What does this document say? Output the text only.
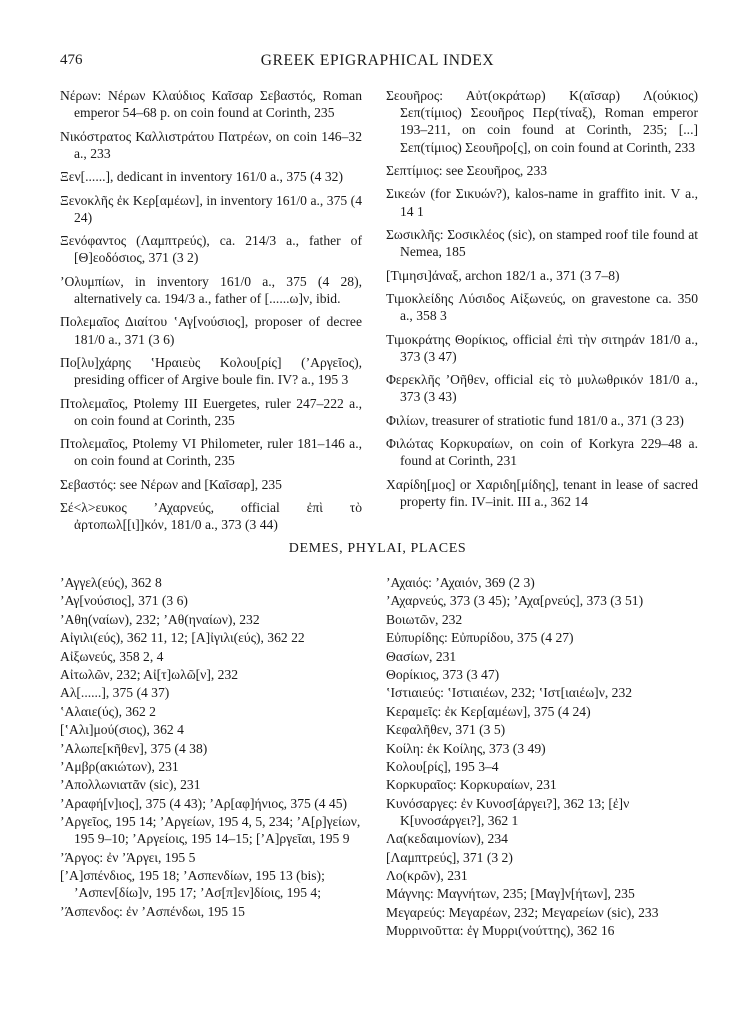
476	GREEK EPIGRAPHICAL INDEX

Νέρων: Νέρων Κλαύδιος Καῖσαρ Σεβαστός, Roman emperor 54–68 p. on coin found at Corinth, 235

Νικόστρατος Καλλιστράτου Πατρέων, on coin 146–32 a., 233

Ξεν[......], dedicant in inventory 161/0 a., 375 (4 32)

Ξενοκλῆς ἐκ Κερ[αμέων], in inventory 161/0 a., 375 (4 24)

Ξενόφαντος (Λαμπτρεύς), ca. 214/3 a., father of [Θ]εοδόσιος, 371 (3 2)

ʼΟλυμπίων, in inventory 161/0 a., 375 (4 28), alternatively ca. 194/3 a., father of [......ω]ν, ibid.

Πολεμαῖος Διαίτου ʽΑγ[νούσιος], proposer of decree 181/0 a., 371 (3 6)

Πο[λυ]χάρης ʽΗραιεὺς Κολου[ρίς] (ʼΑργεῖος), presiding officer of Argive boule fin. IV? a., 195 3

Πτολεμαῖος, Ptolemy III Euergetes, ruler 247–222 a., on coin found at Corinth, 235

Πτολεμαῖος, Ptolemy VI Philometer, ruler 181–146 a., on coin found at Corinth, 235

Σεβαστός: see Νέρων and [Καῖσαρ], 235

Σέ<λ>ευκος ʼΑχαρνεύς, official ἐπὶ τὸ ἀρτοπωλ[[ι]]κόν, 181/0 a., 373 (3 44)

Σεουῆρος: Αὐτ(οκράτωρ) Κ(αῖσαρ) Λ(ούκιος) Σεπ(τίμιος) Σεουῆρος Περ(τίναξ), Roman emperor 193–211, on coin found at Corinth, 235; [...] Σεπ(τίμιος) Σεουῆρο[ς], on coin found at Corinth, 233

Σεπτίμιος: see Σεουῆρος, 233

Σικεών (for Σικυών?), kalos-name in graffito init. V a., 14 1

Σωσικλῆς: Σοσικλέος (sic), on stamped roof tile found at Nemea, 185

[Τιμησι]άναξ, archon 182/1 a., 371 (3 7–8)

Τιμοκλείδης Λύσιδος Αἰξωνεύς, on gravestone ca. 350 a., 358 3

Τιμοκράτης Θορίκιος, official ἐπὶ τὴν σιτηράν 181/0 a., 373 (3 47)

Φερεκλῆς ʼΟῆθεν, official εἰς τὸ μυλωθρικόν 181/0 a., 373 (3 43)

Φιλίων, treasurer of stratiotic fund 181/0 a., 371 (3 23)

Φιλώτας Κορκυραίων, on coin of Korkyra 229–48 a. found at Corinth, 231

Χαρίδη[μος] or Χαριδη[μίδης], tenant in lease of sacred property fin. IV–init. III a., 362 14

DEMES, PHYLAI, PLACES

ʼΑγγελ(εύς), 362 8

ʼΑγ[νούσιος], 371 (3 6)

ʼΑθη(ναίων), 232; ʼΑθ(ηναίων), 232

Αἰγιλι(εύς), 362 11, 12; [Α]ἰγιλι(εύς), 362 22

Αἰξωνεύς, 358 2, 4

Αἰτωλῶν, 232; Αἰ[τ]ωλῶ[ν], 232

Αλ[......], 375 (4 37)

ʽΑλαιε(ύς), 362 2

[ʽΑλι]μού(σιος), 362 4

ʼΑλωπε[κῆθεν], 375 (4 38)

ʼΑμβρ(ακιώτων), 231

ʼΑπολλωνιατᾶν (sic), 231

ʼΑραφή[ν]ιος], 375 (4 43); ʼΑρ[αφ]ήνιος, 375 (4 45)

ʼΑργεῖος, 195 14; ʼΑργείων, 195 4, 5, 234; ʼΑ[ρ]γείων, 195 9–10; ʼΑργείοις, 195 14–15; [ʼΑ]ργεῖαι, 195 9

ʼΆργος: ἐν ʼΆργει, 195 5

[ʼΑ]σπένδιος, 195 18; ʼΑσπενδίων, 195 13 (bis); ʼΑσπεν[δίω]ν, 195 17; ʼΑσ[π]εν]δίοις, 195 4;

ʼΆσπενδος: ἐν ʼΑσπένδωι, 195 15

ʼΑχαιός: ʼΑχαιόν, 369 (2 3)

ʼΑχαρνεύς, 373 (3 45); ʼΑχα[ρνεύς], 373 (3 51)

Βοιωτῶν, 232

Εὐπυρίδης: Εὐπυρίδου, 375 (4 27)

Θασίων, 231

Θορίκιος, 373 (3 47)

ʽΙστιαιεύς: ʽΙστιαιέων, 232; ʽΙστ[ιαιέω]ν, 232

Κεραμεῖς: ἐκ Κερ[αμέων], 375 (4 24)

Κεφαλῆθεν, 371 (3 5)

Κοίλη: ἐκ Κοίλης, 373 (3 49)

Κολου[ρίς], 195 3–4

Κορκυραῖος: Κορκυραίων, 231

Κυνόσαργες: ἐν Κυνοσ[άργει?], 362 13; [ἐ]ν Κ[υνοσάργει?], 362 1

Λα(κεδαιμονίων), 234

[Λαμπτρεύς], 371 (3 2)

Λο(κρῶν), 231

Μάγνης: Μαγνήτων, 235; [Μαγ]ν[ήτων], 235

Μεγαρεύς: Μεγαρέων, 232; Μεγαρείων (sic), 233

Μυρρινοῦττα: ἐγ Μυρρι(νούττης), 362 16
